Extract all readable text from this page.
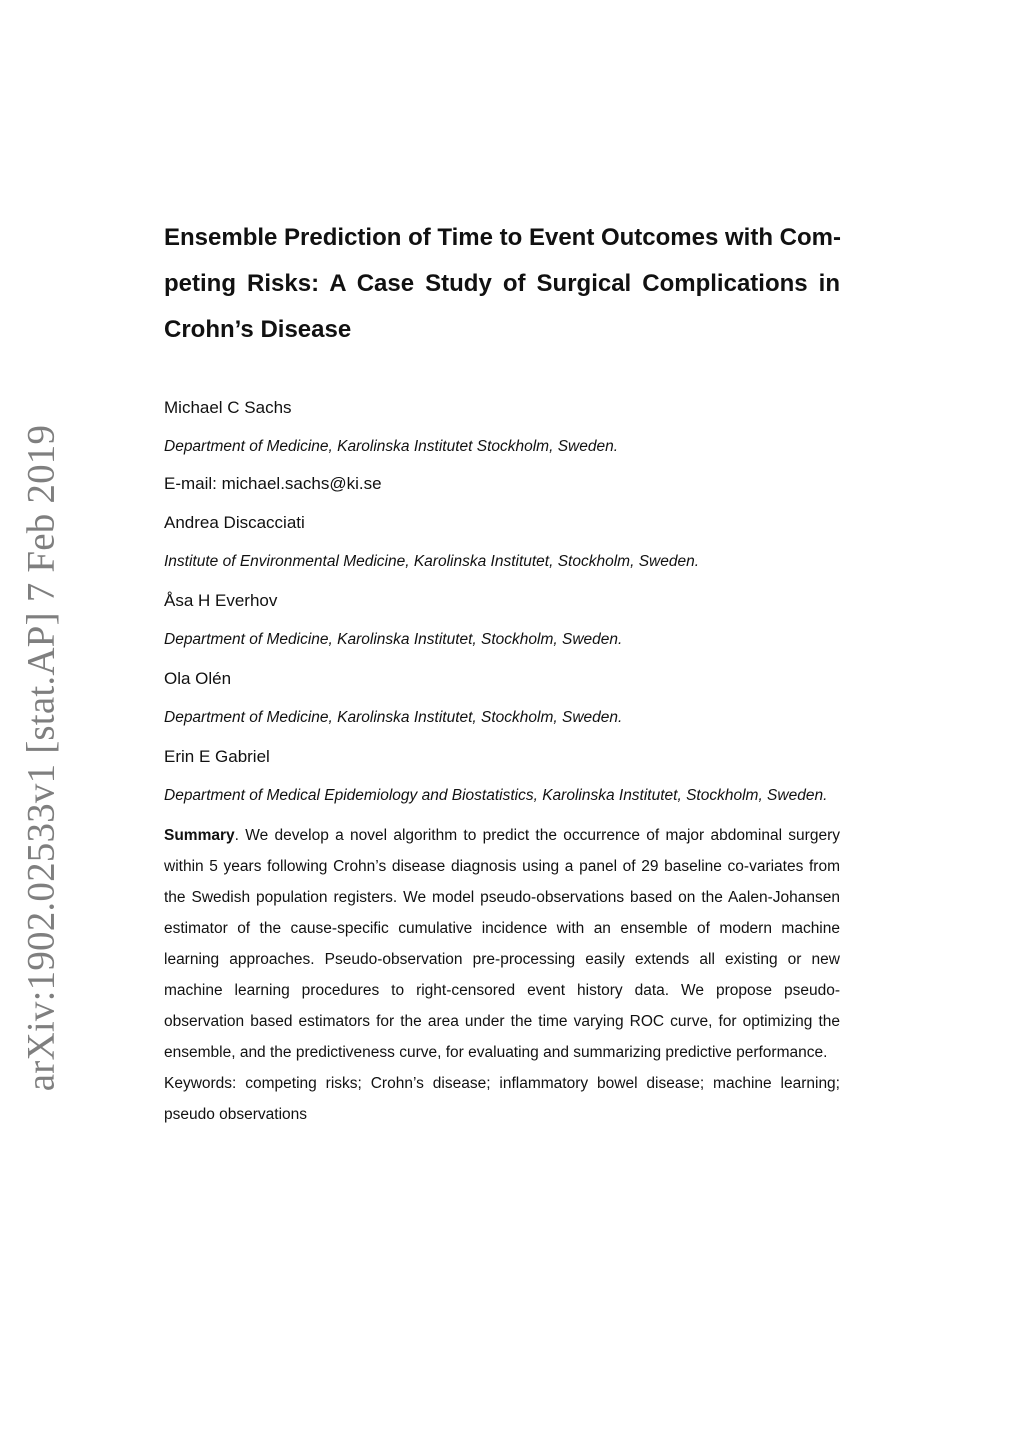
arXiv:1902.02533v1 [stat.AP] 7 Feb 2019
Ensemble Prediction of Time to Event Outcomes with Com-
peting Risks: A Case Study of Surgical Complications in
Crohn’s Disease

Michael C Sachs

Department of Medicine, Karolinska Institutet Stockholm, Sweden.

E-mail: michael.sachs@ki.se

Andrea Discacciati

Institute of Environmental Medicine, Karolinska Institutet, Stockholm, Sweden.

Åsa H Everhov

Department of Medicine, Karolinska Institutet, Stockholm, Sweden.

Ola Olén

Department of Medicine, Karolinska Institutet, Stockholm, Sweden.

Erin E Gabriel

Department of Medical Epidemiology and Biostatistics, Karolinska Institutet, Stockholm, Sweden.

Summary. We develop a novel algorithm to predict the occurrence of major abdominal surgery within 5 years following Crohn’s disease diagnosis using a panel of 29 baseline co-variates from the Swedish population registers. We model pseudo-observations based on the Aalen-Johansen estimator of the cause-specific cumulative incidence with an ensemble of modern machine learning approaches. Pseudo-observation pre-processing easily extends all existing or new machine learning procedures to right-censored event history data. We propose pseudo-observation based estimators for the area under the time varying ROC curve, for optimizing the ensemble, and the predictiveness curve, for evaluating and summarizing predictive performance.

Keywords: competing risks; Crohn’s disease; inflammatory bowel disease; machine learning; pseudo observations
